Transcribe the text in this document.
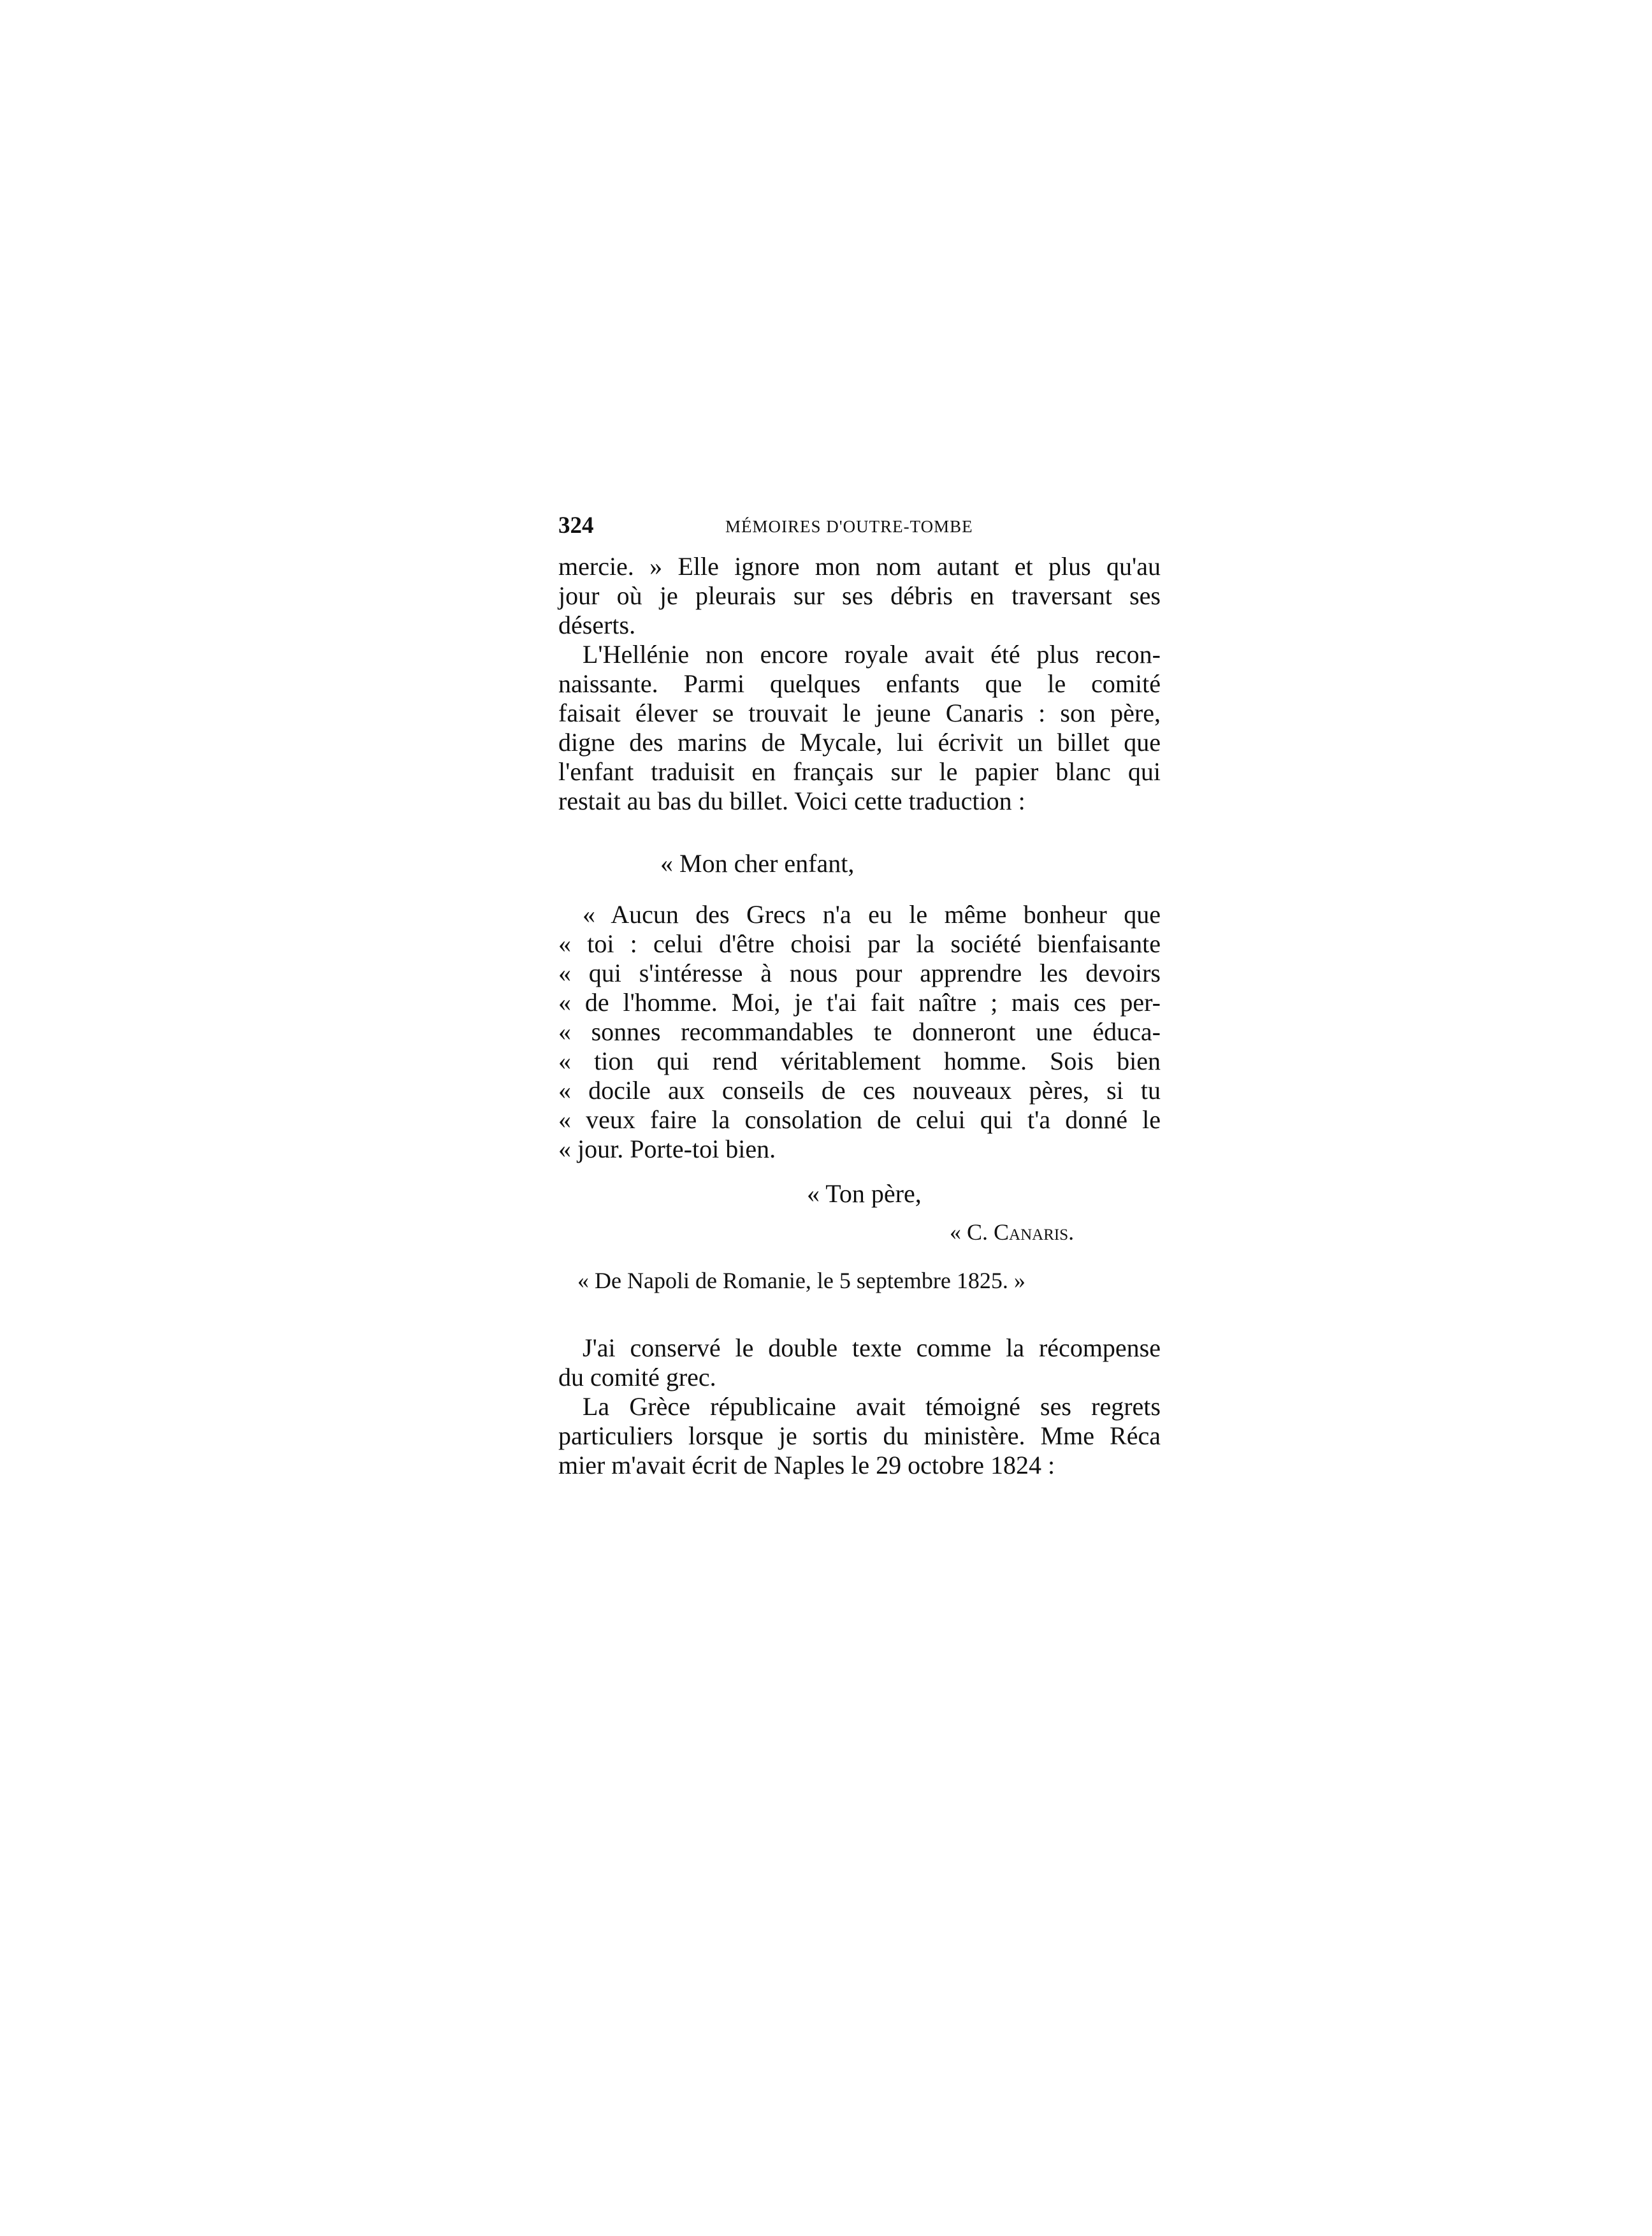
324	MÉMOIRES D'OUTRE-TOMBE

mercie. » Elle ignore mon nom autant et plus qu'au
jour où je pleurais sur ses débris en traversant ses
déserts.

L'Hellénie non encore royale avait été plus recon-
naissante. Parmi quelques enfants que le comité
faisait élever se trouvait le jeune Canaris : son père,
digne des marins de Mycale, lui écrivit un billet que
l'enfant traduisit en français sur le papier blanc qui
restait au bas du billet. Voici cette traduction :

« Mon cher enfant,
« Aucun des Grecs n'a eu le même bonheur que
« toi : celui d'être choisi par la société bienfaisante
« qui s'intéresse à nous pour apprendre les devoirs
« de l'homme. Moi, je t'ai fait naître ; mais ces per-
« sonnes recommandables te donneront une éduca-
« tion qui rend véritablement homme. Sois bien
« docile aux conseils de ces nouveaux pères, si tu
« veux faire la consolation de celui qui t'a donné le
« jour. Porte-toi bien.
« Ton père,
« C. Canaris.
« De Napoli de Romanie, le 5 septembre 1825. »

J'ai conservé le double texte comme la récompense
du comité grec.

La Grèce républicaine avait témoigné ses regrets
particuliers lorsque je sortis du ministère. Mme Réca
mier m'avait écrit de Naples le 29 octobre 1824 :
